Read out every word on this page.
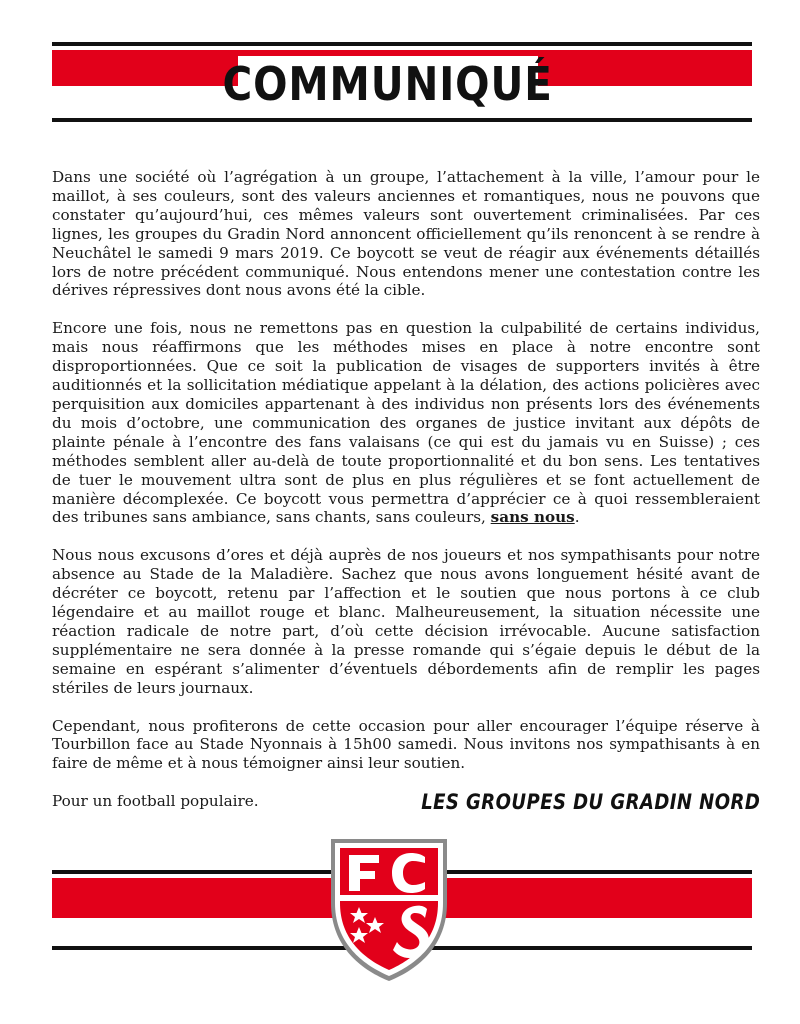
COMMUNIQUÉ

Dans une société où l’agrégation à un groupe, l’attachement à la ville, l’amour pour le maillot, à ses couleurs, sont des valeurs anciennes et romantiques, nous ne pouvons que constater qu’aujourd’hui, ces mêmes valeurs sont ouvertement criminalisées. Par ces lignes, les groupes du Gradin Nord annoncent officiellement qu’ils renoncent à se rendre à Neuchâtel le samedi 9 mars 2019. Ce boycott se veut de réagir aux événements détaillés lors de notre précédent communiqué. Nous entendons mener une contestation contre les dérives répressives dont nous avons été la cible.

Encore une fois, nous ne remettons pas en question la culpabilité de certains individus, mais nous réaffirmons que les méthodes mises en place à notre encontre sont disproportionnées. Que ce soit la publication de visages de supporters invités à être auditionnés et la sollicitation médiatique appelant à la délation, des actions policières avec perquisition aux domiciles appartenant à des individus non présents lors des événements du mois d’octobre, une communication des organes de justice invitant aux dépôts de plainte pénale à l’encontre des fans valaisans (ce qui est du jamais vu en Suisse) ; ces méthodes semblent aller au-delà de toute proportionnalité et du bon sens. Les tentatives de tuer le mouvement ultra sont de plus en plus régulières et se font actuellement de manière décomplexée. Ce boycott vous permettra d’apprécier ce à quoi ressembleraient des tribunes sans ambiance, sans chants, sans couleurs, sans nous.

Nous nous excusons d’ores et déjà auprès de nos joueurs et nos sympathisants pour notre absence au Stade de la Maladière. Sachez que nous avons longuement hésité avant de décréter ce boycott, retenu par l’affection et le soutien que nous portons à ce club légendaire et au maillot rouge et blanc. Malheureusement, la situation nécessite une réaction radicale de notre part, d’où cette décision irrévocable. Aucune satisfaction supplémentaire ne sera donnée à la presse romande qui s’égaie depuis le début de la semaine en espérant s’alimenter d’éventuels débordements afin de remplir les pages stériles de leurs journaux.

Cependant, nous profiterons de cette occasion pour aller encourager l’équipe réserve à Tourbillon face au Stade Nyonnais à 15h00 samedi. Nous invitons nos sympathisants à en faire de même et à nous témoigner ainsi leur soutien.

Pour un football populaire.	LES GROUPES DU GRADIN NORD
